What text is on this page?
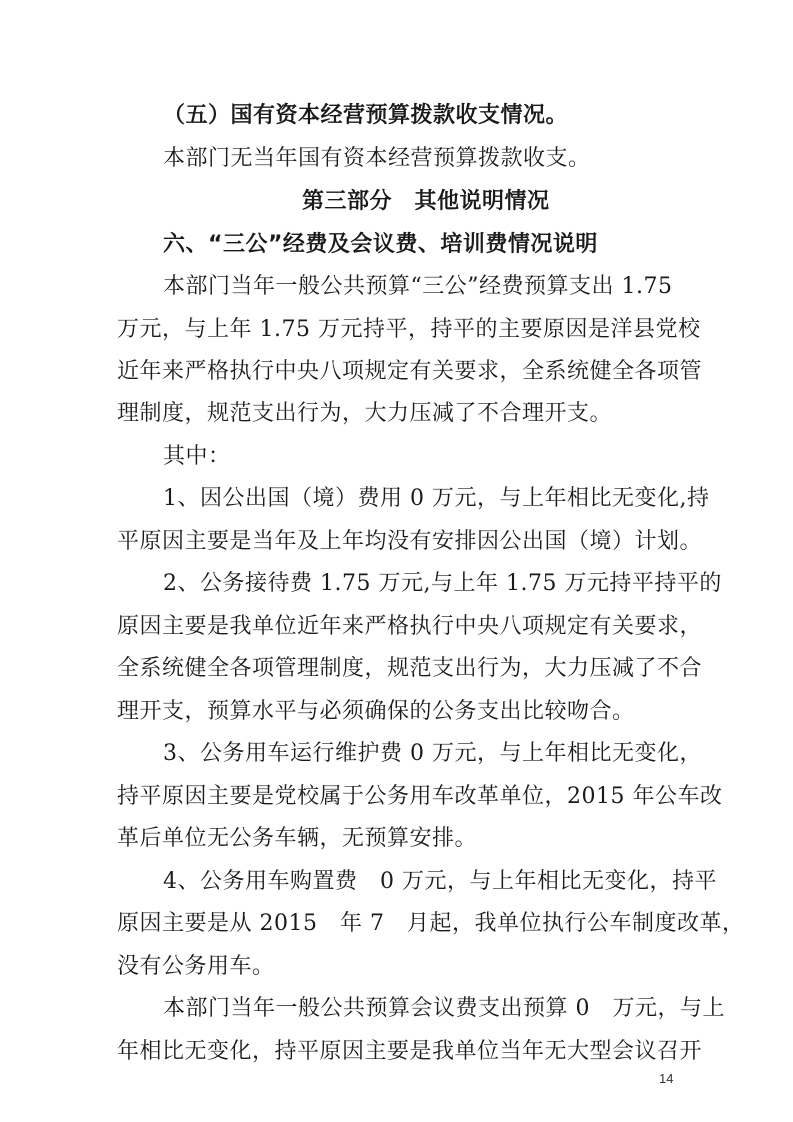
（五）国有资本经营预算拨款收支情况。
本部门无当年国有资本经营预算拨款收支。
第三部分　其他说明情况
六、“三公”经费及会议费、培训费情况说明
本部门当年一般公共预算“三公”经费预算支出 1.75
万元，与上年 1.75 万元持平，持平的主要原因是洋县党校
近年来严格执行中央八项规定有关要求，全系统健全各项管
理制度，规范支出行为，大力压减了不合理开支。
其中：
1、因公出国（境）费用 0 万元，与上年相比无变化,持
平原因主要是当年及上年均没有安排因公出国（境）计划。
2、公务接待费 1.75 万元,与上年 1.75 万元持平持平的
原因主要是我单位近年来严格执行中央八项规定有关要求，
全系统健全各项管理制度，规范支出行为，大力压减了不合
理开支，预算水平与必须确保的公务支出比较吻合。
3、公务用车运行维护费 0 万元，与上年相比无变化，
持平原因主要是党校属于公务用车改革单位，2015 年公车改
革后单位无公务车辆，无预算安排。
4、公务用车购置费　0 万元，与上年相比无变化，持平
原因主要是从 2015　年 7　月起，我单位执行公车制度改革，
没有公务用车。
本部门当年一般公共预算会议费支出预算 0　万元，与上
年相比无变化，持平原因主要是我单位当年无大型会议召开
14
